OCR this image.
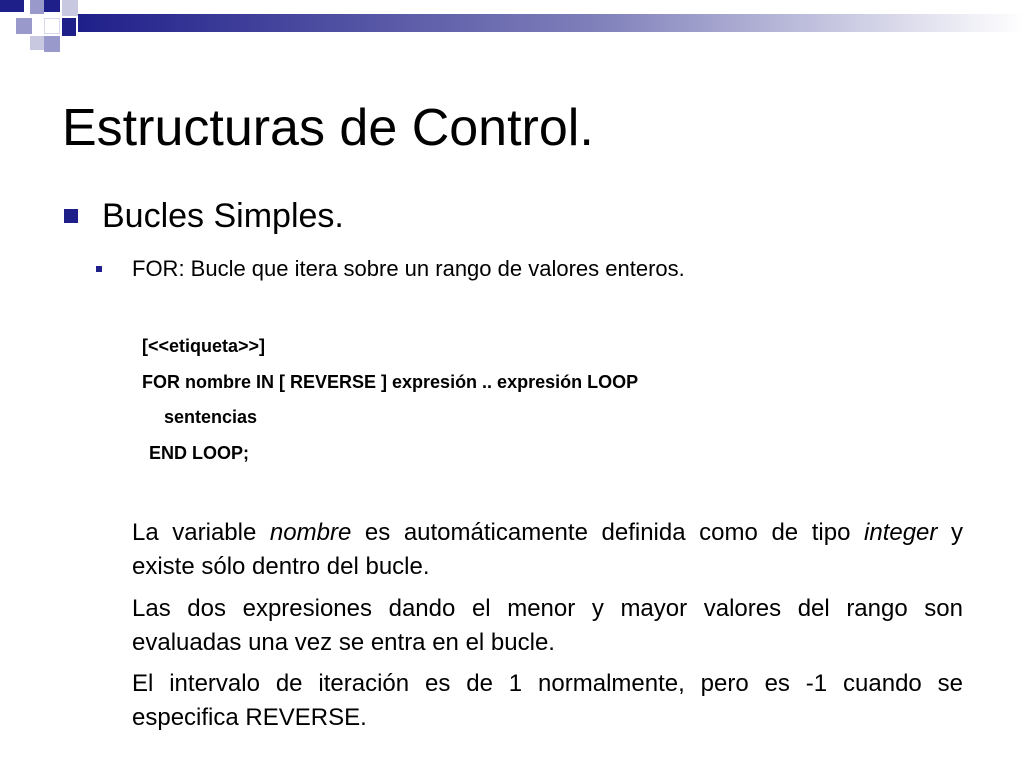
Estructuras de Control.
Bucles Simples.
FOR: Bucle que itera sobre un rango de valores enteros.
[<<etiqueta>>]
FOR nombre IN [ REVERSE ] expresión .. expresión LOOP
sentencias
END LOOP;

La variable nombre es automáticamente definida como de tipo integer y existe sólo dentro del bucle.

Las dos expresiones dando el menor y mayor valores del rango son evaluadas una vez se entra en el bucle.

El intervalo de iteración es de 1 normalmente, pero es -1 cuando se especifica REVERSE.
